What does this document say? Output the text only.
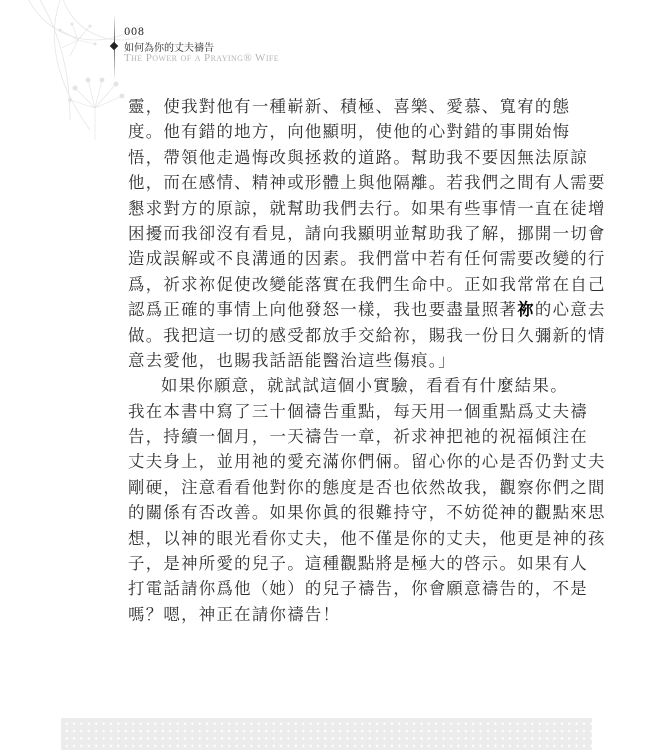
008
如何為你的丈夫禱告
The Power of a Praying® Wife
靈，使我對他有一種嶄新、積極、喜樂、愛慕、寬宥的態
度。他有錯的地方，向他顯明，使他的心對錯的事開始悔
悟，帶領他走過悔改與拯救的道路。幫助我不要因無法原諒
他，而在感情、精神或形體上與他隔離。若我們之間有人需要
懇求對方的原諒，就幫助我們去行。如果有些事情一直在徒增
困擾而我卻沒有看見，請向我顯明並幫助我了解，挪開一切會
造成誤解或不良溝通的因素。我們當中若有任何需要改變的行
爲，祈求祢促使改變能落實在我們生命中。正如我常常在自己
認爲正確的事情上向他發怒一樣，我也要盡量照著祢的心意去
做。我把這一切的感受都放手交給祢，賜我一份日久彌新的情
意去愛他，也賜我話語能醫治這些傷痕。」
如果你願意，就試試這個小實驗，看看有什麼結果。
我在本書中寫了三十個禱告重點，每天用一個重點爲丈夫禱
告，持續一個月，一天禱告一章，祈求神把祂的祝福傾注在
丈夫身上，並用祂的愛充滿你們倆。留心你的心是否仍對丈夫
剛硬，注意看看他對你的態度是否也依然故我，觀察你們之間
的關係有否改善。如果你眞的很難持守，不妨從神的觀點來思
想，以神的眼光看你丈夫，他不僅是你的丈夫，他更是神的孩
子，是神所愛的兒子。這種觀點將是極大的啓示。如果有人
打電話請你爲他（她）的兒子禱告，你會願意禱告的，不是
嗎？嗯，神正在請你禱告！
